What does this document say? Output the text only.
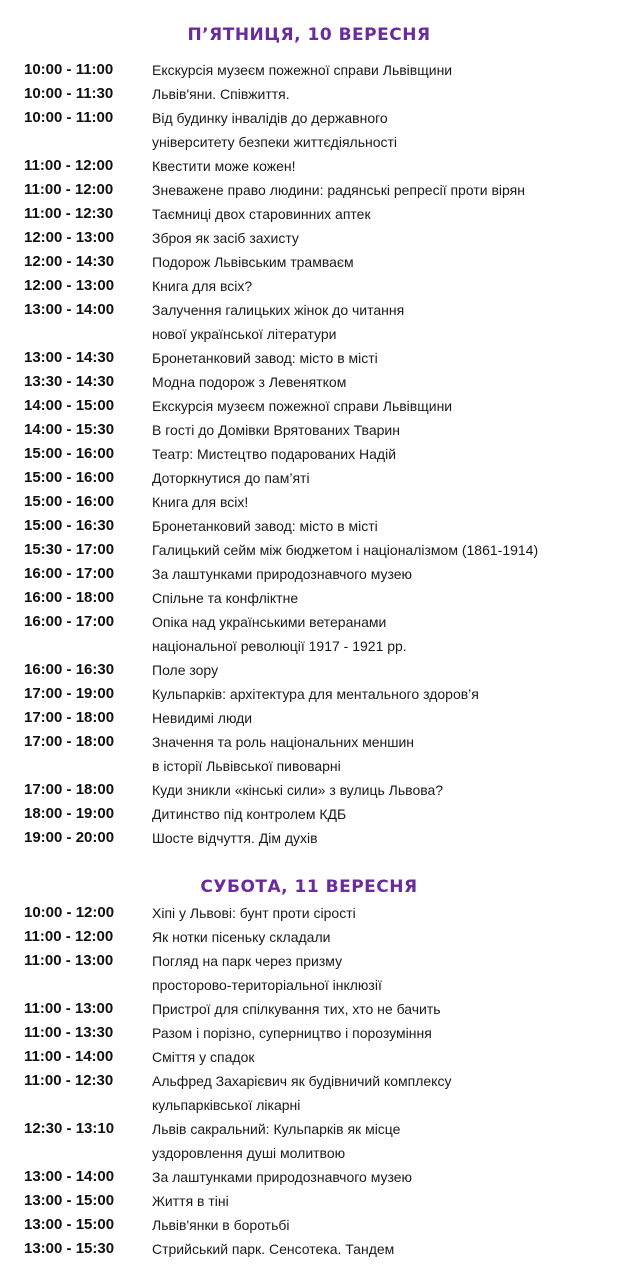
П’ЯТНИЦЯ, 10 ВЕРЕСНЯ
10:00 - 11:00	Екскурсія музеєм пожежної справи Львівщини
10:00 - 11:30	Львів'яни. Співжиття.
10:00 - 11:00	Від будинку інвалідів до державного
університету безпеки життєдіяльності
11:00 - 12:00	Квестити може кожен!
11:00 - 12:00	Зневажене право людини: радянські репресії проти вірян
11:00 - 12:30	Таємниці двох старовинних аптек
12:00 - 13:00	Зброя як засіб захисту
12:00 - 14:30	Подорож Львівським трамваєм
12:00 - 13:00	Книга для всіх?
13:00 - 14:00	Залучення галицьких жінок до читання
нової української літератури
13:00 - 14:30	Бронетанковий завод: місто в місті
13:30 - 14:30	Модна подорож з Левенятком
14:00 - 15:00	Екскурсія музеєм пожежної справи Львівщини
14:00 - 15:30	В гості до Домівки Врятованих Тварин
15:00 - 16:00	Театр: Мистецтво подарованих Надій
15:00 - 16:00	Доторкнутися до пам’яті
15:00 - 16:00	Книга для всіх!
15:00 - 16:30	Бронетанковий завод: місто в місті
15:30 - 17:00	Галицький сейм між бюджетом і націоналізмом (1861-1914)
16:00 - 17:00	За лаштунками природознавчого музею
16:00 - 18:00	Спільне та конфліктне
16:00 - 17:00	Опіка над українськими ветеранами
національної революції 1917 - 1921 рр.
16:00 - 16:30	Поле зору
17:00 - 19:00	Кульпарків: архітектура для ментального здоров’я
17:00 - 18:00	Невидимі люди
17:00 - 18:00	Значення та роль національних меншин
в історії Львівської пивоварні
17:00 - 18:00	Куди зникли «кінські сили» з вулиць Львова?
18:00 - 19:00	Дитинство під контролем КДБ
19:00 - 20:00	Шосте відчуття. Дім духів
СУБОТА, 11 ВЕРЕСНЯ
10:00 - 12:00	Хіпі у Львові: бунт проти сірості
11:00 - 12:00	Як нотки пісеньку складали
11:00 - 13:00	Погляд на парк через призму
просторово-територіальної інклюзії
11:00 - 13:00	Пристрої для спілкування тих, хто не бачить
11:00 - 13:30	Разом і порізно, суперництво і порозуміння
11:00 - 14:00	Сміття у спадок
11:00 - 12:30	Альфред Захарієвич як будівничий комплексу
кульпарківської лікарні
12:30 - 13:10	Львів сакральний: Кульпарків як місце
уздоровлення душі молитвою
13:00 - 14:00	За лаштунками природознавчого музею
13:00 - 15:00	Життя в тіні
13:00 - 15:00	Львів'янки в боротьбі
13:00 - 15:30	Стрийський парк. Сенсотека. Тандем
